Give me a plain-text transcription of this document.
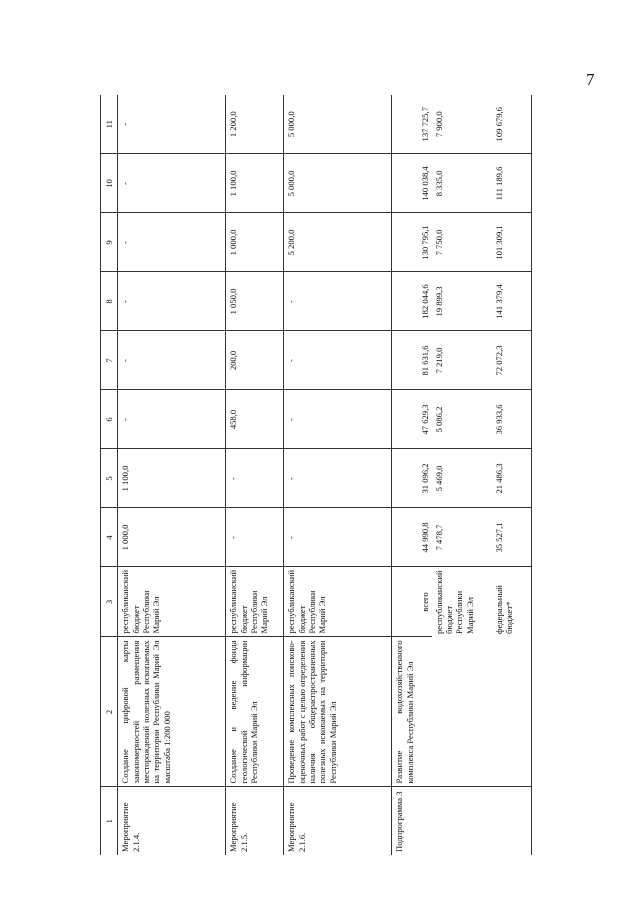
7
1	2	3	4	5	6	7	8	9	10	11
Мероприятие 2.1.4.	Создание цифровой карты закономерностей размещения месторождений полезных ископаемых на территории Республики Марий Эл масштаба 1:200 000	республиканский бюджет Республики Марий Эл	1 000,0	1 100,0	-	-	-	-	-	-
Мероприятие 2.1.5.	Создание и ведение фонда геологической информации Республики Марий Эл	республиканский бюджет Республики Марий Эл	-	-	458,0	200,0	1 050,0	1 000,0	1 100,0	1 200,0
Мероприятие 2.1.6.	Проведение комплексных поисково-оценочных работ с целью определения наличия общераспространенных полезных ископаемых на территории Республики Марий Эл	республиканский бюджет Республики Марий Эл	-	-	-	-	-	5 200,0	5 000,0	5 000,0
Подпрограмма 3	Развитие водохозяйственного комплекса Республики Марий Эл	всего	44 990,8	31 096,2	47 629,3	81 631,6	182 044,6	130 795,1	140 038,4	137 725,7
		республиканский бюджет Республики Марий Эл	7 478,7	5 469,0	5 086,2	7 219,0	19 899,3	7 750,0	8 335,0	7 900,0
		федеральный бюджет*	35 527,1	21 486,3	36 933,6	72 072,3	141 379,4	101 309,1	111 189,6	109 679,6
